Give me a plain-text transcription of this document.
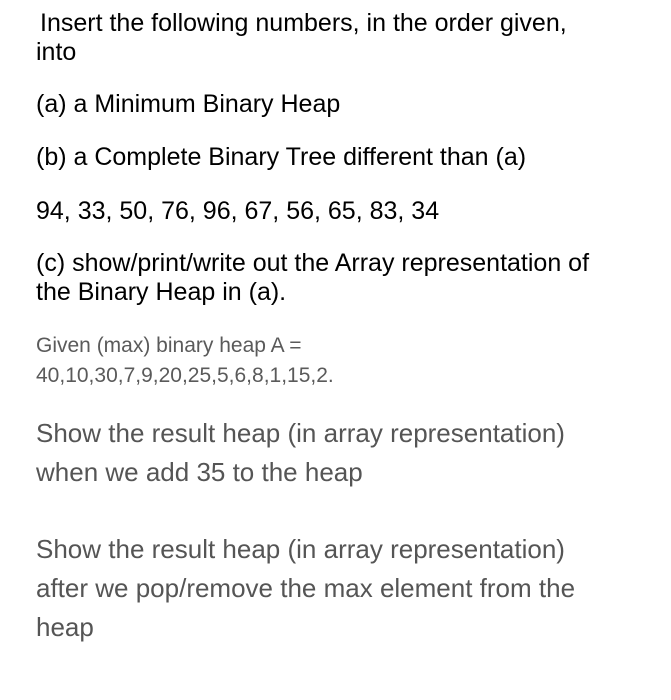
Insert the following numbers, in the order given,
into

(a) a Minimum Binary Heap

(b) a Complete Binary Tree different than (a)

94, 33, 50, 76, 96, 67, 56, 65, 83, 34

(c) show/print/write out the Array representation of
the Binary Heap in (a).

Given (max) binary heap A =
40,10,30,7,9,20,25,5,6,8,1,15,2.

Show the result heap (in array representation)
when we add 35 to the heap

Show the result heap (in array representation)
after we pop/remove the max element from the
heap
